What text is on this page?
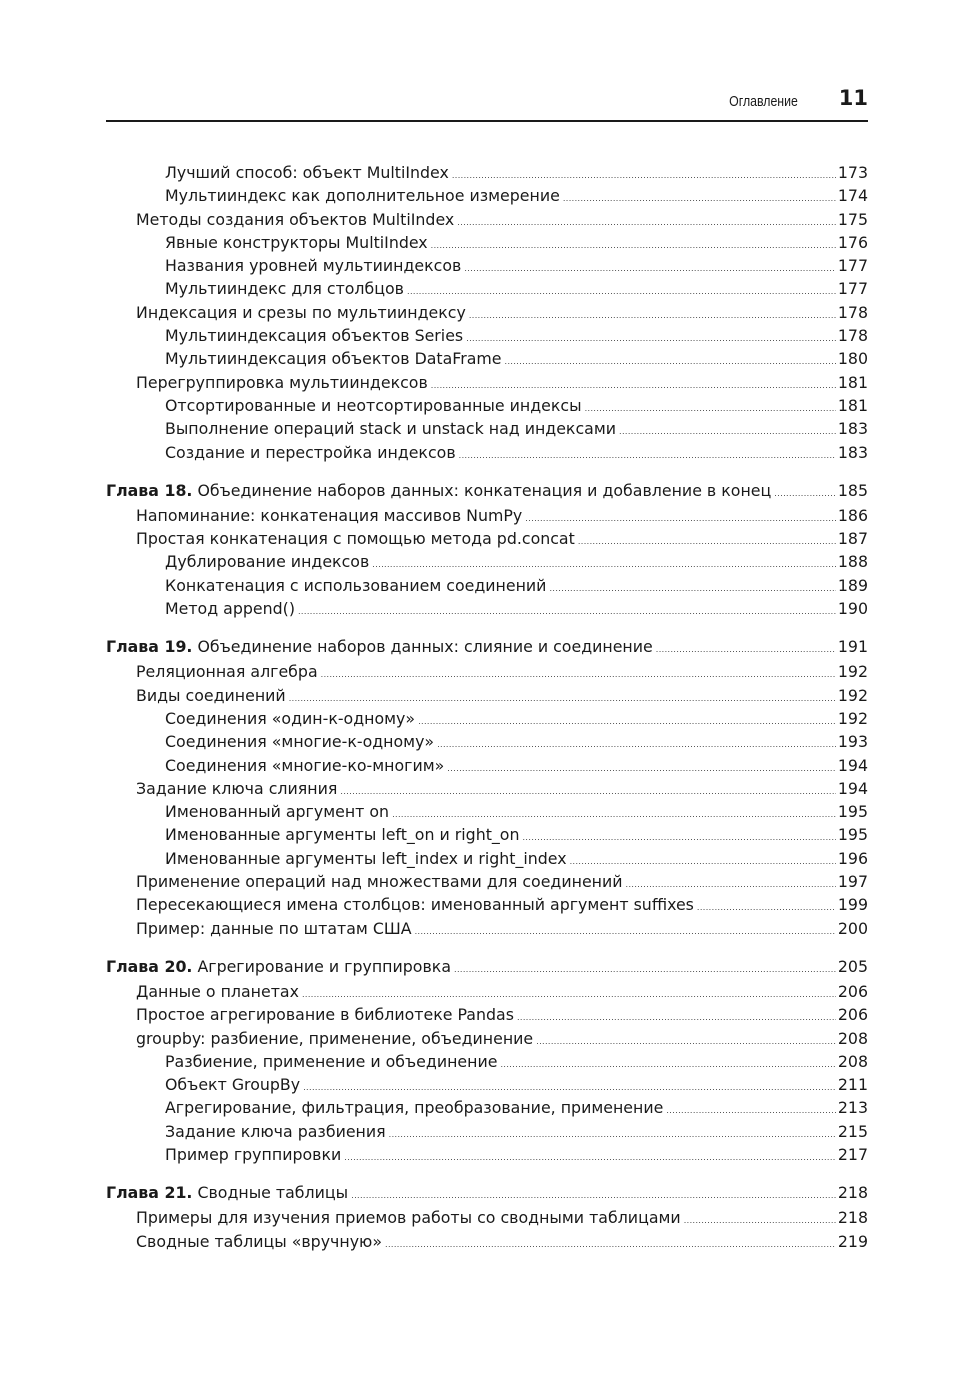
Оглавление 11
Лучший способ: объект MultiIndex .....	173
Мультииндекс как дополнительное измерение .....	174
Методы создания объектов MultiIndex .....	175
Явные конструкторы MultiIndex .....	176
Названия уровней мультииндексов .....	177
Мультииндекс для столбцов .....	177
Индексация и срезы по мультииндексу .....	178
Мультииндексация объектов Series .....	178
Мультииндексация объектов DataFrame .....	180
Перегруппировка мультииндексов .....	181
Отсортированные и неотсортированные индексы .....	181
Выполнение операций stack и unstack над индексами .....	183
Создание и перестройка индексов .....	183
Глава 18. Объединение наборов данных: конкатенация и добавление в конец .....	185
Напоминание: конкатенация массивов NumPy .....	186
Простая конкатенация с помощью метода pd.concat .....	187
Дублирование индексов .....	188
Конкатенация с использованием соединений .....	189
Метод append() .....	190
Глава 19. Объединение наборов данных: слияние и соединение .....	191
Реляционная алгебра .....	192
Виды соединений .....	192
Соединения «один-к-одному» .....	192
Соединения «многие-к-одному» .....	193
Соединения «многие-ко-многим» .....	194
Задание ключа слияния .....	194
Именованный аргумент on .....	195
Именованные аргументы left_on и right_on .....	195
Именованные аргументы left_index и right_index .....	196
Применение операций над множествами для соединений .....	197
Пересекающиеся имена столбцов: именованный аргумент suffixes .....	199
Пример: данные по штатам США .....	200
Глава 20. Агрегирование и группировка .....	205
Данные о планетах .....	206
Простое агрегирование в библиотеке Pandas .....	206
groupby: разбиение, применение, объединение .....	208
Разбиение, применение и объединение .....	208
Объект GroupBy .....	211
Агрегирование, фильтрация, преобразование, применение .....	213
Задание ключа разбиения .....	215
Пример группировки .....	217
Глава 21. Сводные таблицы .....	218
Примеры для изучения приемов работы со сводными таблицами .....	218
Сводные таблицы «вручную» .....	219
